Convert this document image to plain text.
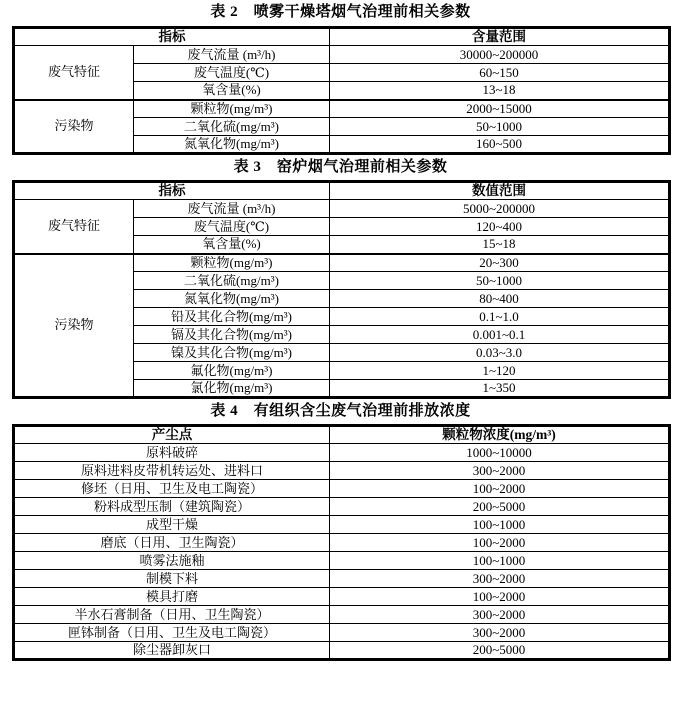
表 2　喷雾干燥塔烟气治理前相关参数
指标		含量范围
废气特征	废气流量 (m³/h)	30000~200000
	废气温度(℃)	60~150
	氧含量(%)	13~18
污染物	颗粒物(mg/m³)	2000~15000
	二氧化硫(mg/m³)	50~1000
	氮氧化物(mg/m³)	160~500
表 3　窑炉烟气治理前相关参数
指标		数值范围
废气特征	废气流量 (m³/h)	5000~200000
	废气温度(℃)	120~400
	氧含量(%)	15~18
污染物	颗粒物(mg/m³)	20~300
	二氧化硫(mg/m³)	50~1000
	氮氧化物(mg/m³)	80~400
	铅及其化合物(mg/m³)	0.1~1.0
	镉及其化合物(mg/m³)	0.001~0.1
	镍及其化合物(mg/m³)	0.03~3.0
	氟化物(mg/m³)	1~120
	氯化物(mg/m³)	1~350
表 4　有组织含尘废气治理前排放浓度
产尘点	颗粒物浓度(mg/m³)
原料破碎	1000~10000
原料进料皮带机转运处、进料口	300~2000
修坯（日用、卫生及电工陶瓷）	100~2000
粉料成型压制（建筑陶瓷）	200~5000
成型干燥	100~1000
磨底（日用、卫生陶瓷）	100~2000
喷雾法施釉	100~1000
制模下料	300~2000
模具打磨	100~2000
半水石膏制备（日用、卫生陶瓷）	300~2000
匣钵制备（日用、卫生及电工陶瓷）	300~2000
除尘器卸灰口	200~5000
